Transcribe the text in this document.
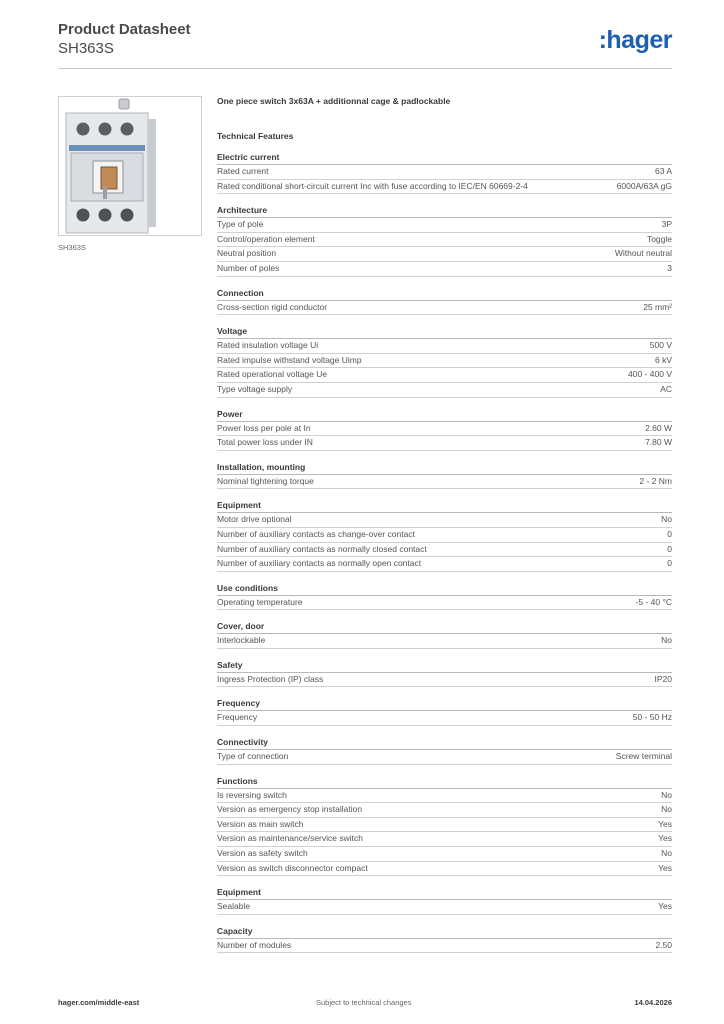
Product Datasheet
SH363S	:hager
SH363S
One piece switch 3x63A + additionnal cage & padlockable
Technical Features
Electric current
Rated current	63 A
Rated conditional short-circuit current Inc with fuse according to IEC/EN 60669-2-4	6000A/63A gG
Architecture
Type of pole	3P
Control/operation element	Toggle
Neutral position	Without neutral
Number of poles	3
Connection
Cross-section rigid conductor	25 mm²
Voltage
Rated insulation voltage Ui	500 V
Rated impulse withstand voltage Uimp	6 kV
Rated operational voltage Ue	400 - 400 V
Type voltage supply	AC
Power
Power loss per pole at In	2.60 W
Total power loss under IN	7.80 W
Installation, mounting
Nominal tightening torque	2 - 2 Nm
Equipment
Motor drive optional	No
Number of auxiliary contacts as change-over contact	0
Number of auxiliary contacts as normally closed contact	0
Number of auxiliary contacts as normally open contact	0
Use conditions
Operating temperature	-5 - 40 °C
Cover, door
Interlockable	No
Safety
Ingress Protection (IP) class	IP20
Frequency
Frequency	50 - 50 Hz
Connectivity
Type of connection	Screw terminal
Functions
Is reversing switch	No
Version as emergency stop installation	No
Version as main switch	Yes
Version as maintenance/service switch	Yes
Version as safety switch	No
Version as switch disconnector compact	Yes
Equipment
Sealable	Yes
Capacity
Number of modules	2.50
hager.com/middle-east	Subject to technical changes	14.04.2026
